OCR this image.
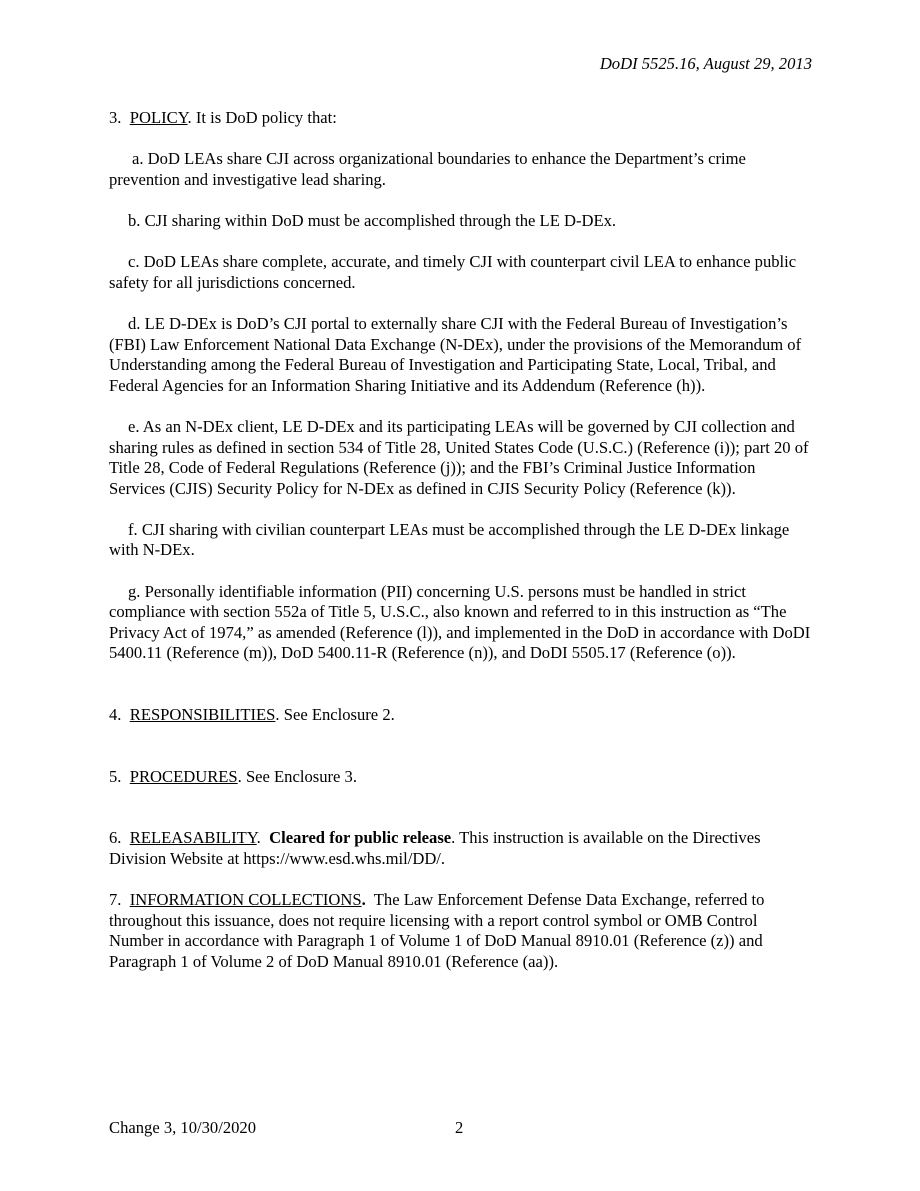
DoDI 5525.16, August 29, 2013

3. POLICY. It is DoD policy that:

a. DoD LEAs share CJI across organizational boundaries to enhance the Department’s crime prevention and investigative lead sharing.

b. CJI sharing within DoD must be accomplished through the LE D-DEx.

c. DoD LEAs share complete, accurate, and timely CJI with counterpart civil LEA to enhance public safety for all jurisdictions concerned.

d. LE D-DEx is DoD’s CJI portal to externally share CJI with the Federal Bureau of Investigation’s (FBI) Law Enforcement National Data Exchange (N-DEx), under the provisions of the Memorandum of Understanding among the Federal Bureau of Investigation and Participating State, Local, Tribal, and Federal Agencies for an Information Sharing Initiative and its Addendum (Reference (h)).

e. As an N-DEx client, LE D-DEx and its participating LEAs will be governed by CJI collection and sharing rules as defined in section 534 of Title 28, United States Code (U.S.C.) (Reference (i)); part 20 of Title 28, Code of Federal Regulations (Reference (j)); and the FBI’s Criminal Justice Information Services (CJIS) Security Policy for N-DEx as defined in CJIS Security Policy (Reference (k)).

f. CJI sharing with civilian counterpart LEAs must be accomplished through the LE D-DEx linkage with N-DEx.

g. Personally identifiable information (PII) concerning U.S. persons must be handled in strict compliance with section 552a of Title 5, U.S.C., also known and referred to in this instruction as “The Privacy Act of 1974,” as amended (Reference (l)), and implemented in the DoD in accordance with DoDI 5400.11 (Reference (m)), DoD 5400.11-R (Reference (n)), and DoDI 5505.17 (Reference (o)).

4. RESPONSIBILITIES. See Enclosure 2.

5. PROCEDURES. See Enclosure 3.

6. RELEASABILITY.  Cleared for public release. This instruction is available on the Directives Division Website at https://www.esd.whs.mil/DD/.

7. INFORMATION COLLECTIONS.  The Law Enforcement Defense Data Exchange, referred to throughout this issuance, does not require licensing with a report control symbol or OMB Control Number in accordance with Paragraph 1 of Volume 1 of DoD Manual 8910.01 (Reference (z)) and Paragraph 1 of Volume 2 of DoD Manual 8910.01 (Reference (aa)).

Change 3, 10/30/2020	2
